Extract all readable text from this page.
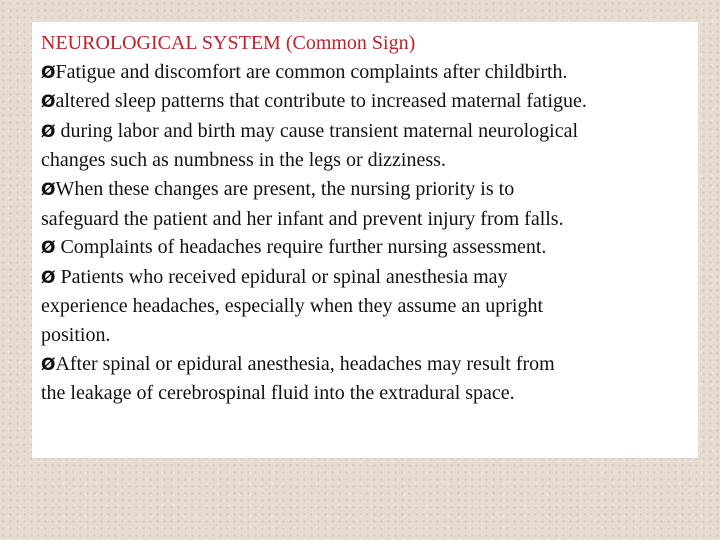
NEUROLOGICAL SYSTEM (Common Sign)
ØFatigue and discomfort are common complaints after childbirth.
Øaltered sleep patterns that contribute to increased maternal fatigue.
Ø during labor and birth may cause transient maternal neurological
changes such as numbness in the legs or dizziness.
ØWhen these changes are present, the nursing priority is to
safeguard the patient and her infant and prevent injury from falls.
Ø Complaints of headaches require further nursing assessment.
Ø Patients who received epidural or spinal anesthesia may
experience headaches, especially when they assume an upright
position.
ØAfter spinal or epidural anesthesia, headaches may result from
the leakage of cerebrospinal fluid into the extradural space.
